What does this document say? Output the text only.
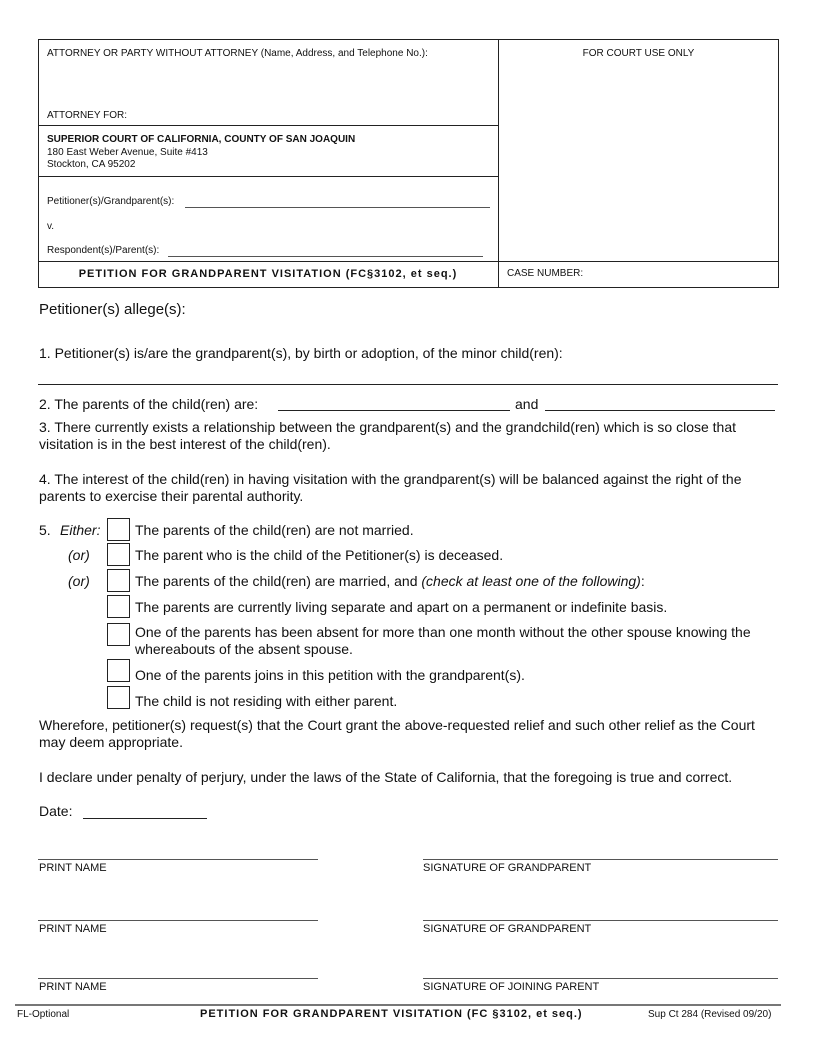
ATTORNEY OR PARTY WITHOUT ATTORNEY (Name, Address, and Telephone No.):
ATTORNEY FOR:
SUPERIOR COURT OF CALIFORNIA, COUNTY OF SAN JOAQUIN
180 East Weber Avenue, Suite #413
Stockton, CA 95202
Petitioner(s)/Grandparent(s):
v.
Respondent(s)/Parent(s):
PETITION FOR GRANDPARENT VISITATION (FC§3102, et seq.)
FOR COURT USE ONLY
CASE NUMBER:
Petitioner(s) allege(s):
1. Petitioner(s) is/are the grandparent(s), by birth or adoption, of the minor child(ren):
2. The parents of the child(ren) are:	and
3. There currently exists a relationship between the grandparent(s) and the grandchild(ren) which is so close that visitation is in the best interest of the child(ren).
4. The interest of the child(ren) in having visitation with the grandparent(s) will be balanced against the right of the parents to exercise their parental authority.
5. Either:
(or)
(or)
The parents of the child(ren) are not married.
The parent who is the child of the Petitioner(s) is deceased.
The parents of the child(ren) are married, and (check at least one of the following):
The parents are currently living separate and apart on a permanent or indefinite basis.
One of the parents has been absent for more than one month without the other spouse knowing the whereabouts of the absent spouse.
One of the parents joins in this petition with the grandparent(s).
The child is not residing with either parent.
Wherefore, petitioner(s) request(s) that the Court grant the above-requested relief and such other relief as the Court may deem appropriate.
I declare under penalty of perjury, under the laws of the State of California, that the foregoing is true and correct.
Date:
PRINT NAME	SIGNATURE OF GRANDPARENT
PRINT NAME	SIGNATURE OF GRANDPARENT
PRINT NAME	SIGNATURE OF JOINING PARENT
FL-Optional	PETITION FOR GRANDPARENT VISITATION (FC §3102, et seq.)	Sup Ct 284 (Revised 09/20)
